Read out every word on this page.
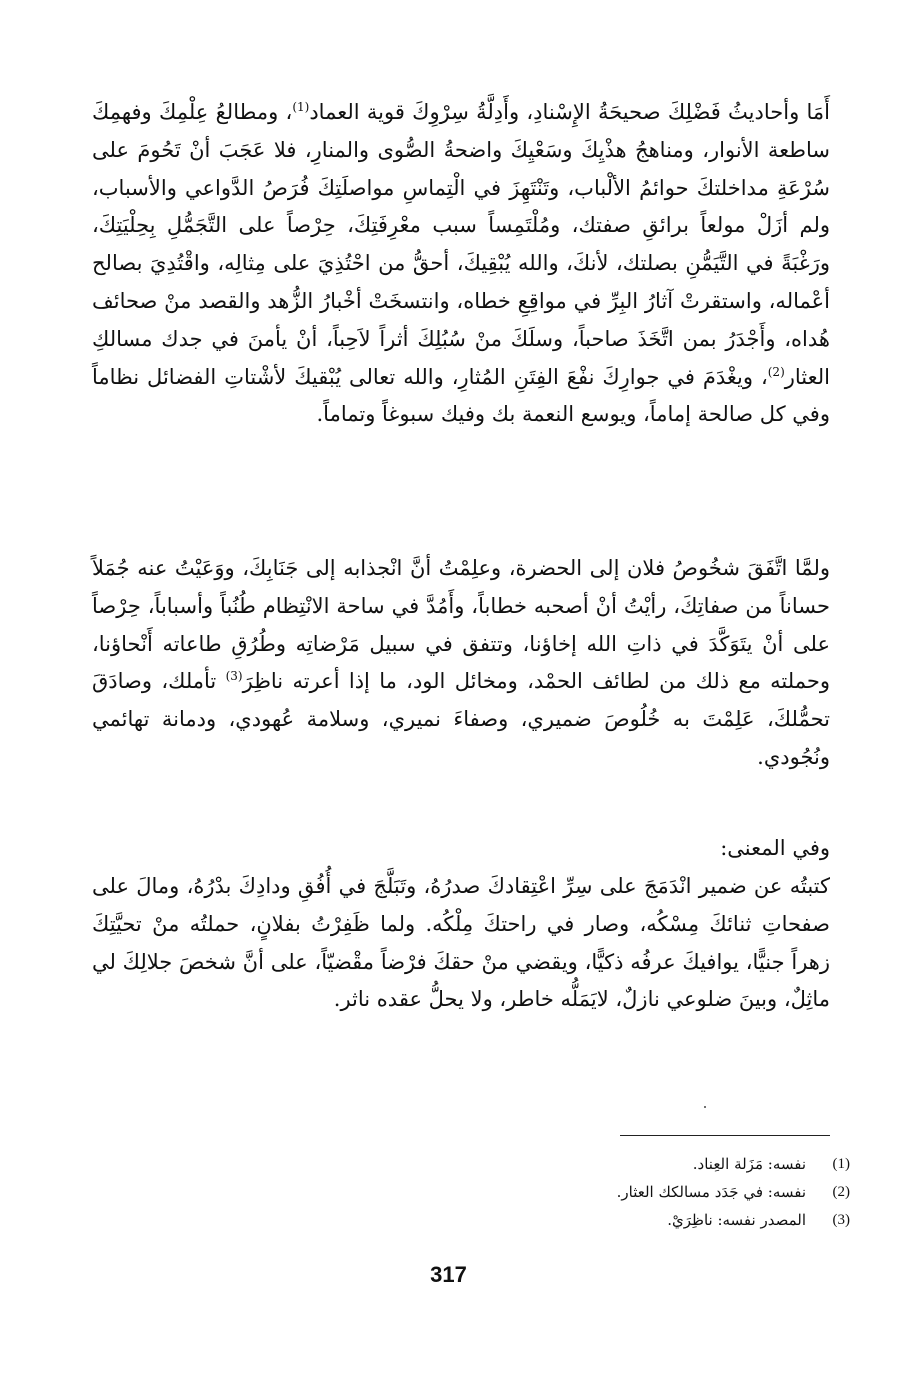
أَمَا وأحاديثُ فَضْلِكَ صحيحَةُ الإِسْنادِ، وأَدِلَّةُ سِرْوِكَ قوية العماد$^{(1)}$، ومطالعُ عِلْمِكَ وفهمِكَ ساطعة الأنوار، ومناهجُ هذْيِكَ وسَعْيِكَ واضحةُ الصُّوى والمنارِ، فلا عَجَبَ أنْ تَحُومَ على سُرْعَةِ مداخلتكَ حوائمُ الألْباب، وتَنْتَهِزَ في الْتِماسِ مواصلَتِكَ فُرَصُ الدَّواعي والأسباب، ولم أزَلْ مولعاً برائقِ صفتك، ومُلْتَمِساً سبب معْرِفَتِكَ، حِرْصاً على التَّجَمُّلِ بِحِلْيَتِكَ، ورَغْبَةً في التَّيَمُّنِ بصلتك، لأنكَ، والله يُبْقِيكَ، أحقُّ من احْتُذِيَ على مِثالِه، واقْتُدِيَ بصالح أعْماله، واستقرتْ آثارُ البِرِّ في مواقِعِ خطاه، وانتسخَتْ أخْبارُ الزُّهد والقصد منْ صحائف هُداه، وأَجْدَرُ بمن اتَّخَذَ صاحباً، وسلَكَ منْ سُبُلِكَ أثراً لاَحِباً، أنْ يأمنَ في جدك مسالكِ العثار$^{(2)}$، ويغْدَمَ في جوارِكَ نفْعَ الفِتَنِ المُثارِ، والله تعالى يُبْقيكَ لأشْتاتِ الفضائل نظاماً وفي كل صالحة إماماً، ويوسع النعمة بك وفيك سبوغاً وتماماً.

ولمَّا اتَّفَقَ شخُوصُ فلان إلى الحضرة، وعلِمْتُ أنَّ انْجذابه إلى جَنَابِكَ، ووَعَيْتُ عنه جُمَلاً حساناً من صفاتِكَ، رأيْتُ أنْ أصحبه خطاباً، وأَمُدَّ في ساحة الانْتِظام طُنُباً وأسباباً، حِرْصاً على أنْ يتَوَكَّدَ في ذاتِ الله إخاؤنا، وتتفق في سبيل مَرْضاتِه وطُرُقِ طاعاته أَنْحاؤنا، وحملته مع ذلك من لطائف الحمْد، ومخائل الود، ما إذا أعرته ناظِرَ$^{(3)}$ تأملك، وصادَقَ تحمُّلكَ، عَلِمْتَ به خُلُوصَ ضميري، وصفاءَ نميري، وسلامة عُهودي، ودمانة تهائمي ونُجُودي.

وفي المعنى:

كتبتُه عن ضمير انْدَمَجَ على سِرِّ اعْتِقادكَ صدرُهُ، وتَبَلَّجَ في أُفُقِ ودادِكَ بدْرُهُ، ومالَ على صفحاتِ ثنائكَ مِسْكُه، وصار في راحتكَ مِلْكُه. ولما ظَفِرْتُ بفلانٍ، حملتُه منْ تحيَّتِكَ زهراً جنيًّا، يوافيكَ عرفُه ذكيًّا، ويقضي منْ حقكَ فرْضاً مقْضيّاً، على أنَّ شخصَ جلالِكَ لي ماثِلٌ، وبينَ ضلوعي نازلٌ، لايَمَلُّه خاطر، ولا يحلُّ عقده ناثر.

(1)
نفسه: مَزَلة العِناد.
(2)
نفسه: في جَدَد مسالكك العثار.
(3)
المصدر نفسه: ناظِرَيْ.
317
